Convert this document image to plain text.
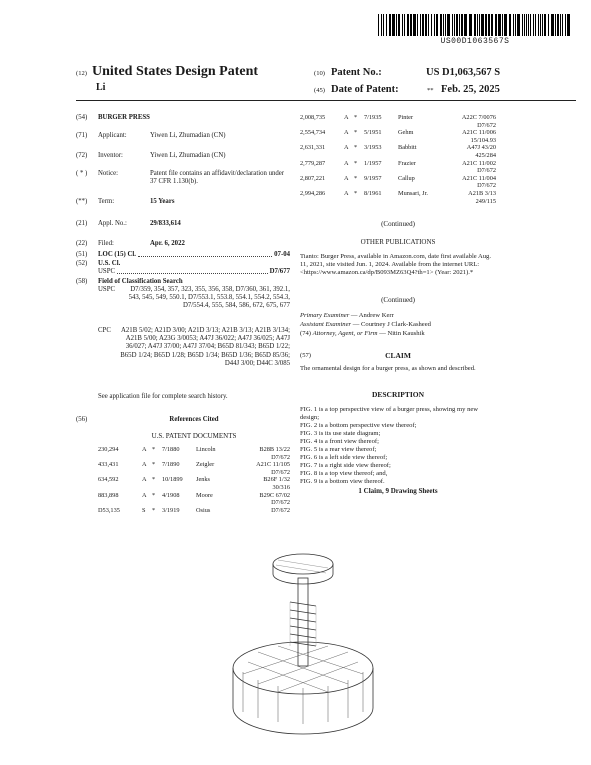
US00D1063567S
(12) United States Design Patent
Li
(10) Patent No.:	US D1,063,567 S
(45) Date of Patent:	** Feb. 25, 2025
(54)	BURGER PRESS
(71)	Applicant:	Yiwen Li, Zhumadian (CN)
(72)	Inventor:	Yiwen Li, Zhumadian (CN)
( * )	Notice:	Patent file contains an affidavit/declaration under 37 CFR 1.130(b).
(**)	Term:	15 Years
(21)	Appl. No.:	29/833,614
(22)	Filed:	Apr. 6, 2022
(51)	LOC (15) Cl.	07-04
(52)	U.S. Cl.
USPC	D7/677
(58)	Field of Classification Search
USPC	D7/359, 354, 357, 323, 355, 356, 358, D7/360, 361, 392.1, 543, 545, 549, 550.1, D7/553.1, 553.8, 554.1, 554.2, 554.3, D7/554.4, 555, 584, 586, 672, 675, 677
CPC	A21B 5/02; A21D 3/00; A21D 3/13; A21B 3/13; A21B 3/134; A21B 5/00; A23G 3/0053; A47J 36/022; A47J 36/025; A47J 36/027; A47J 37/00; A47J 37/04; B65D 81/343; B65D 1/22; B65D 1/24; B65D 1/28; B65D 1/34; B65D 1/36; B65D 85/36; D44J 3/00; D44C 3/085
See application file for complete search history.
(56)	References Cited
U.S. PATENT DOCUMENTS
230,294	A *	7/1880	Lincoln	B28B 13/22
D7/672
433,431	A *	7/1890	Zeigler	A21C 11/105
D7/672
634,592	A *	10/1899	Jenks	B26F 1/32
30/316
883,898	A *	4/1908	Moore	B29C 67/02
D7/672
D53,135	S	*	3/1919	Osius	D7/672
2,008,735	A *	7/1935	Pinter	A22C 7/0076
D7/672
2,554,734	A *	5/1951	Gehm	A21C 11/006
15/104.93
2,631,331	A *	3/1953	Babbitt	A47J 43/20
425/284
2,779,287	A *	1/1957	Frazier	A21C 11/002
D7/672
2,807,221	A *	9/1957	Callup	A21C 11/004
D7/672
2,994,286	A *	8/1961	Munsari, Jr.	A21B 3/13
249/115
(Continued)
OTHER PUBLICATIONS
Tianto: Burger Press, available in Amazon.com, date first available Aug. 11, 2021, site visited Jun. 1, 2024. Available from the internet URL: <https://www.amazon.ca/dp/B093MZ63Q4?th=1> (Year: 2021).*
(Continued)
Primary Examiner — Andrew Kerr
Assistant Examiner — Courtney J Clark-Kasheed
(74) Attorney, Agent, or Firm — Nitin Kaushik
(57)	CLAIM
The ornamental design for a burger press, as shown and described.
DESCRIPTION
FIG. 1 is a top perspective view of a burger press, showing my new design;
FIG. 2 is a bottom perspective view thereof;
FIG. 3 is its use state diagram;
FIG. 4 is a front view thereof;
FIG. 5 is a rear view thereof;
FIG. 6 is a left side view thereof;
FIG. 7 is a right side view thereof;
FIG. 8 is a top view thereof; and,
FIG. 9 is a bottom view thereof.
1 Claim, 9 Drawing Sheets
